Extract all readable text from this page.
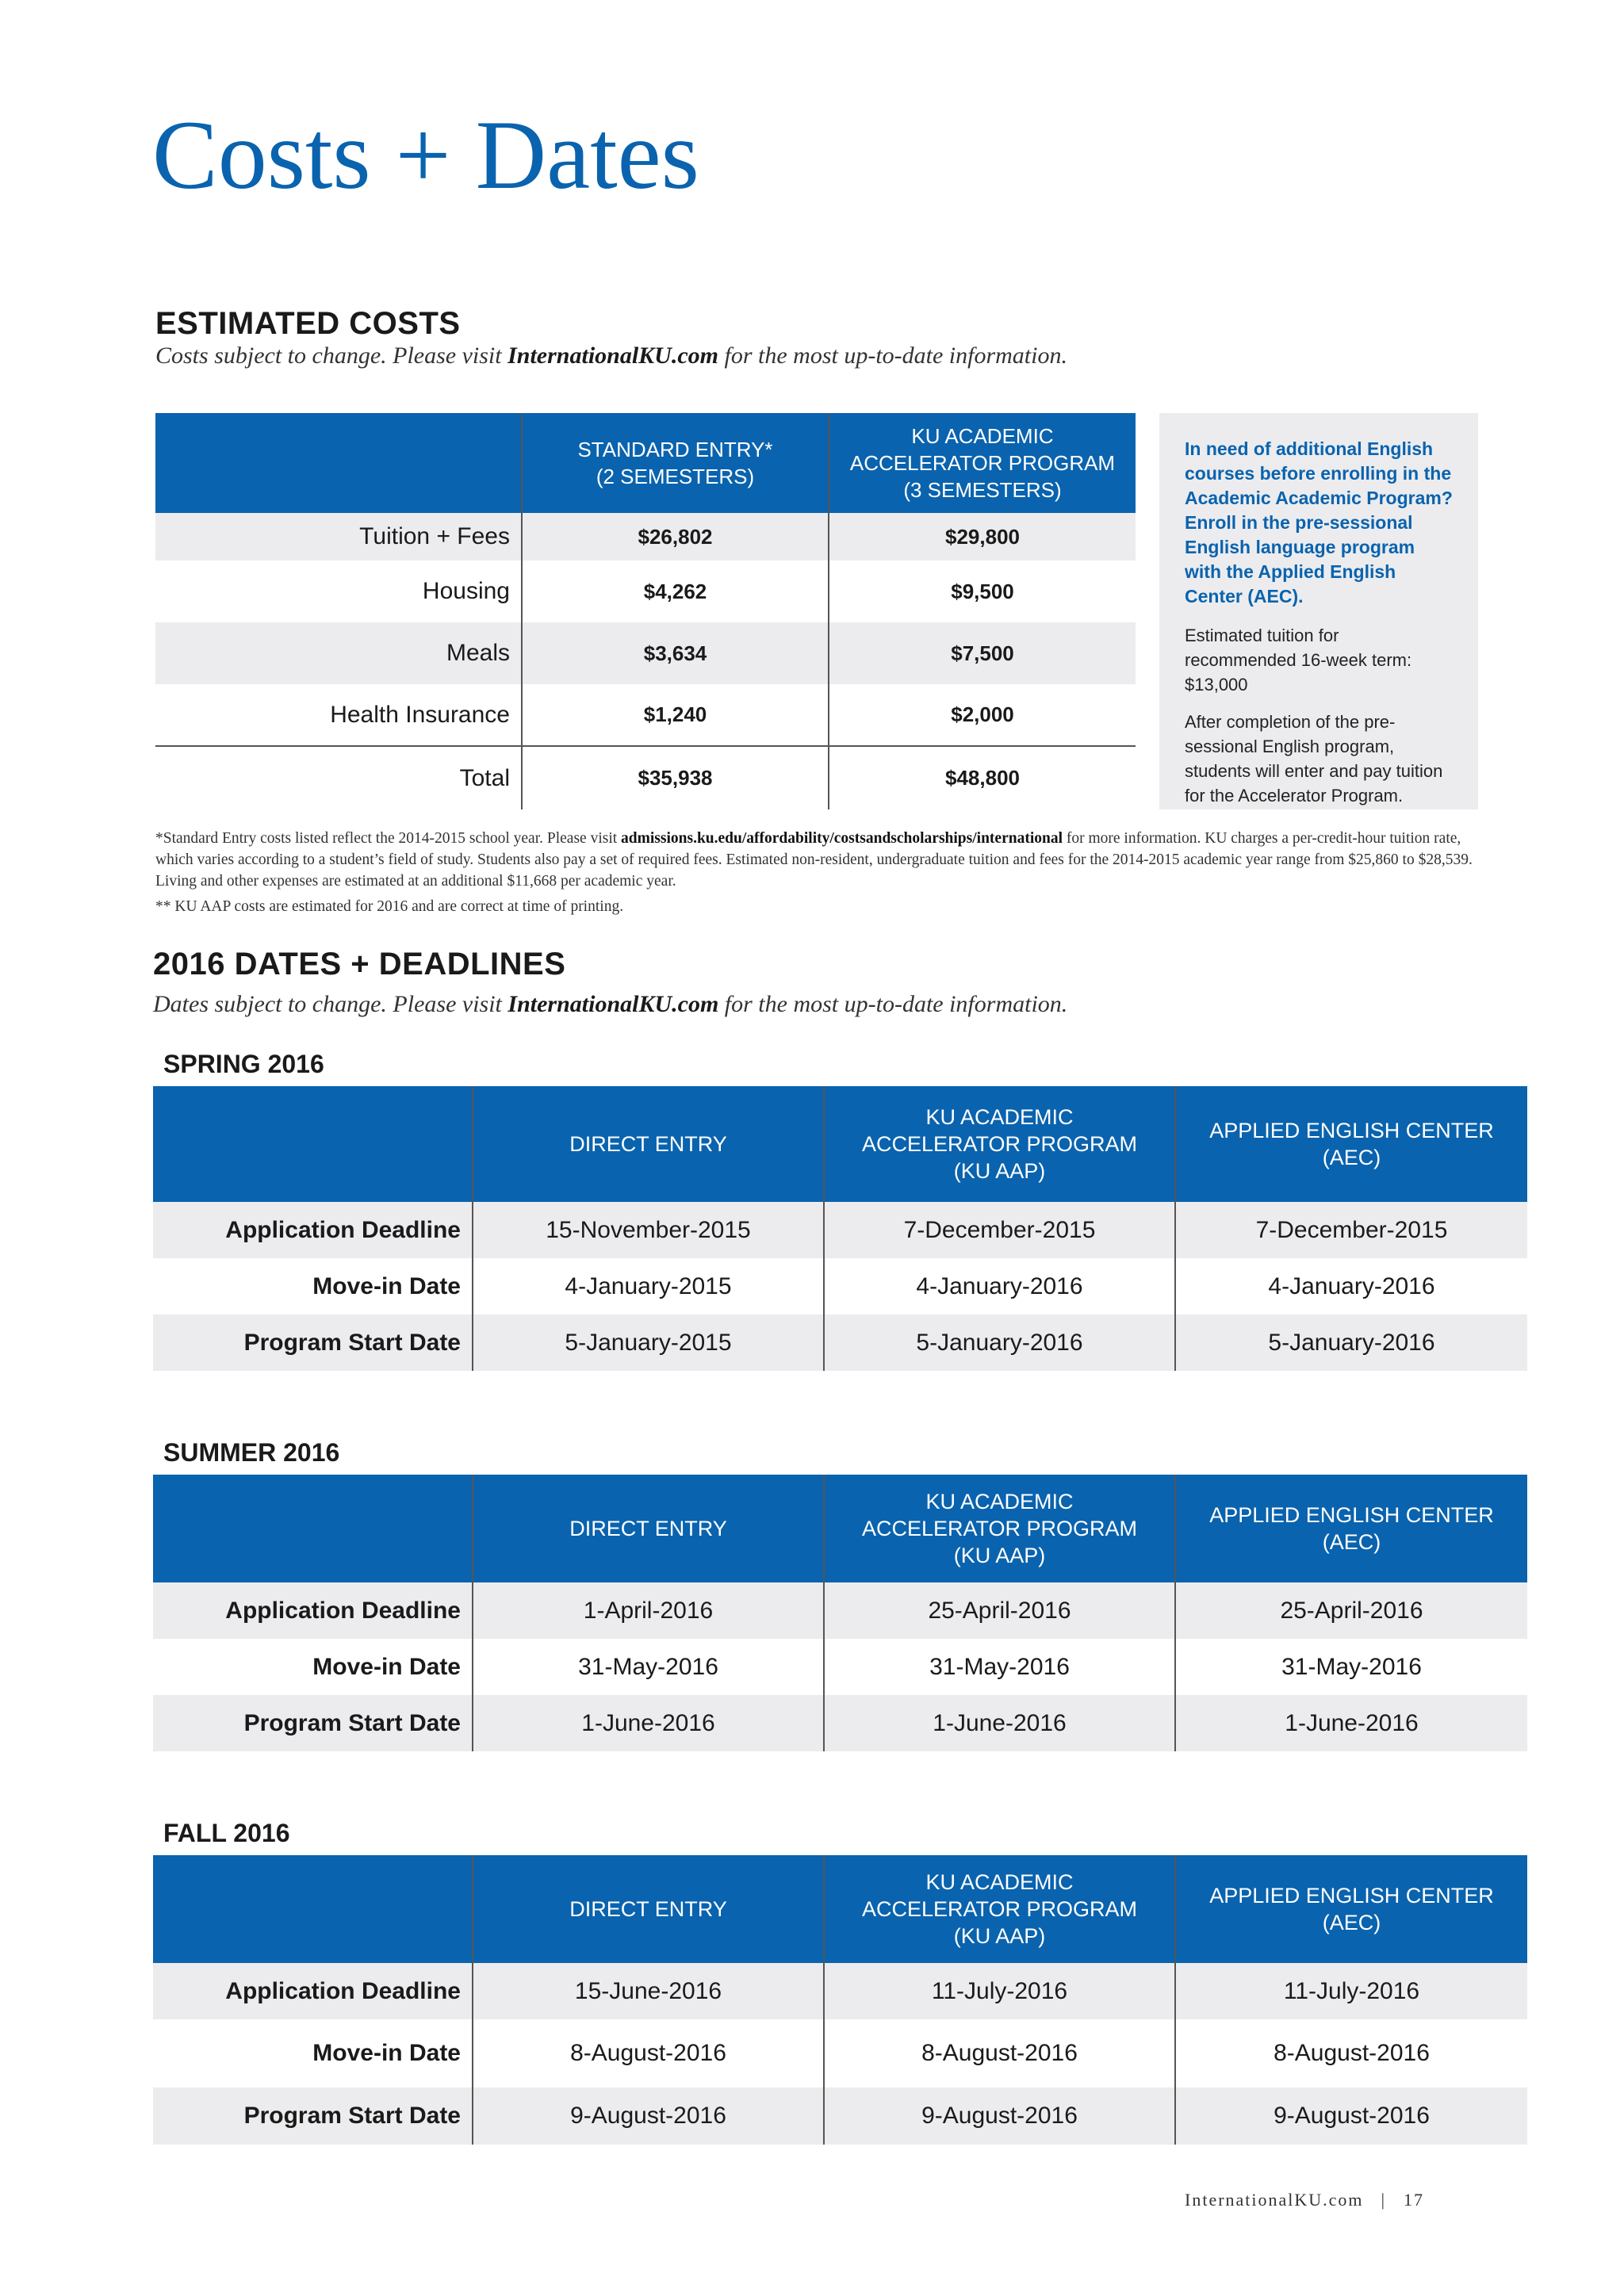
Costs + Dates
ESTIMATED COSTS

Costs subject to change. Please visit InternationalKU.com for the most up-to-date information.

	STANDARD ENTRY*
(2 SEMESTERS)	KU ACADEMIC
ACCELERATOR PROGRAM
(3 SEMESTERS)
Tuition + Fees	$26,802	$29,800
Housing	$4,262	$9,500
Meals	$3,634	$7,500
Health Insurance	$1,240	$2,000
Total	$35,938	$48,800

In need of additional English courses before enrolling in the Academic Academic Program? Enroll in the pre-sessional English language program with the Applied English Center (AEC).

Estimated tuition for recommended 16-week term: $13,000

After completion of the pre-sessional English program, students will enter and pay tuition for the Accelerator Program.

*Standard Entry costs listed reflect the 2014-2015 school year. Please visit admissions.ku.edu/affordability/costsandscholarships/international for more information. KU charges a per-credit-hour tuition rate, which varies according to a student’s field of study. Students also pay a set of required fees. Estimated non-resident, undergraduate tuition and fees for the 2014-2015 academic year range from $25,860 to $28,539. Living and other expenses are estimated at an additional $11,668 per academic year.

** KU AAP costs are estimated for 2016 and are correct at time of printing.

2016 DATES + DEADLINES

Dates subject to change. Please visit InternationalKU.com for the most up-to-date information.

SPRING 2016
	DIRECT ENTRY	KU ACADEMIC
ACCELERATOR PROGRAM
(KU AAP)	APPLIED ENGLISH CENTER
(AEC)
Application Deadline	15-November-2015	7-December-2015	7-December-2015
Move-in Date	4-January-2015	4-January-2016	4-January-2016
Program Start Date	5-January-2015	5-January-2016	5-January-2016
SUMMER 2016
	DIRECT ENTRY	KU ACADEMIC
ACCELERATOR PROGRAM
(KU AAP)	APPLIED ENGLISH CENTER
(AEC)
Application Deadline	1-April-2016	25-April-2016	25-April-2016
Move-in Date	31-May-2016	31-May-2016	31-May-2016
Program Start Date	1-June-2016	1-June-2016	1-June-2016
FALL 2016
	DIRECT ENTRY	KU ACADEMIC
ACCELERATOR PROGRAM
(KU AAP)	APPLIED ENGLISH CENTER
(AEC)
Application Deadline	15-June-2016	11-July-2016	11-July-2016
Move-in Date	8-August-2016	8-August-2016	8-August-2016
Program Start Date	9-August-2016	9-August-2016	9-August-2016

InternationalKU.com | 17
